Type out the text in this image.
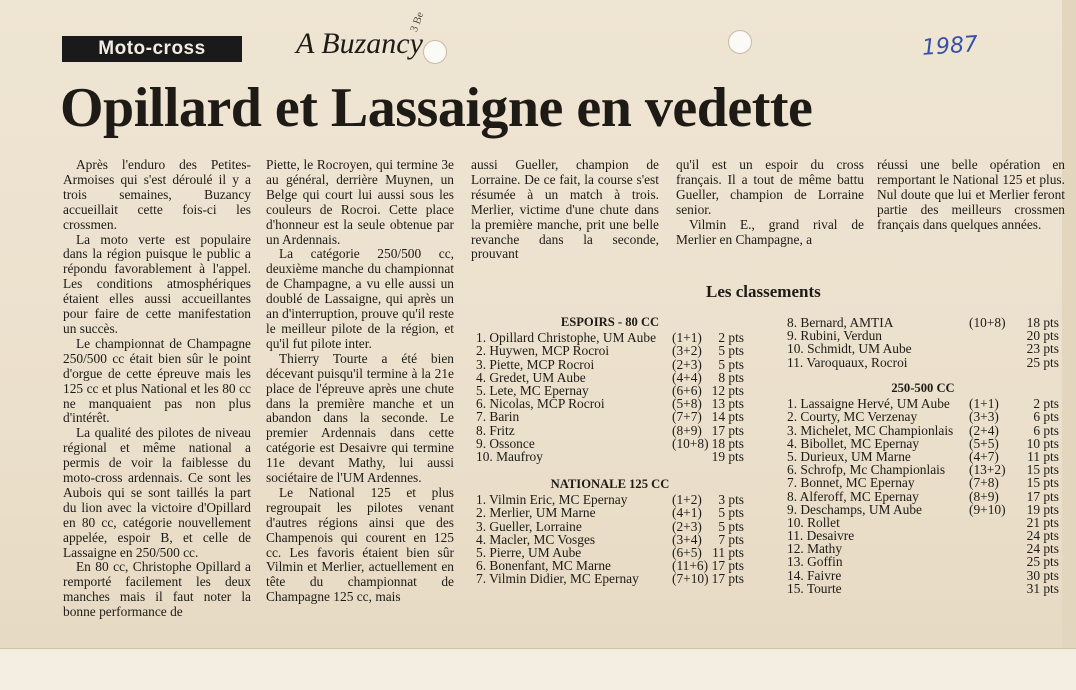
Moto-cross	A Buzancy
3 Be
1987
Opillard et Lassaigne en vedette

Après l'enduro des Petites-Armoises qui s'est déroulé il y a trois semaines, Buzancy accueillait cette fois-ci les crossmen.

La moto verte est populaire dans la région puisque le public a répondu favorablement à l'appel. Les conditions atmosphériques étaient elles aussi accueillantes pour faire de cette manifestation un succès.

Le championnat de Champagne 250/500 cc était bien sûr le point d'orgue de cette épreuve mais les 125 cc et plus National et les 80 cc ne manquaient pas non plus d'intérêt.

La qualité des pilotes de niveau régional et même national a permis de voir la faiblesse du moto-cross ardennais. Ce sont les Aubois qui se sont taillés la part du lion avec la victoire d'Opillard en 80 cc, catégorie nouvellement appelée, espoir B, et celle de Lassaigne en 250/500 cc.

En 80 cc, Christophe Opillard a remporté facilement les deux manches mais il faut noter la bonne performance de

Piette, le Rocroyen, qui termine 3e au général, derrière Muynen, un Belge qui court lui aussi sous les couleurs de Rocroi. Cette place d'honneur est la seule obtenue par un Ardennais.

La catégorie 250/500 cc, deuxième manche du championnat de Champagne, a vu elle aussi un doublé de Lassaigne, qui après un an d'interruption, prouve qu'il reste le meilleur pilote de la région, et qu'il fut pilote inter.

Thierry Tourte a été bien décevant puisqu'il termine à la 21e place de l'épreuve après une chute dans la première manche et un abandon dans la seconde. Le premier Ardennais dans cette catégorie est Desaivre qui termine 11e devant Mathy, lui aussi sociétaire de l'UM Ardennes.

Le National 125 et plus regroupait les pilotes venant d'autres régions ainsi que des Champenois qui courent en 125 cc. Les favoris étaient bien sûr Vilmin et Merlier, actuellement en tête du championnat de Champagne 125 cc, mais

aussi Gueller, champion de Lorraine. De ce fait, la course s'est résumée à un match à trois. Merlier, victime d'une chute dans la première manche, prit une belle revanche dans la seconde, prouvant

qu'il est un espoir du cross français. Il a tout de même battu Gueller, champion de Lorraine senior.

Vilmin E., grand rival de Merlier en Champagne, a

réussi une belle opération en remportant le National 125 et plus. Nul doute que lui et Merlier feront partie des meilleurs crossmen français dans quelques années.

Les classements
ESPOIRS - 80 CC
1. Opillard Christophe, UM Aube (1+1)	2 pts
2. Huywen, MCP Rocroi	(3+2)	5 pts
3. Piette, MCP Rocroi	(2+3)	5 pts
4. Gredet, UM Aube	(4+4)	8 pts
5. Lete, MC Epernay	(6+6) 12 pts
6. Nicolas, MCP Rocroi	(5+8) 13 pts
7. Barin	(7+7) 14 pts
8. Fritz	(8+9) 17 pts
9. Ossonce	(10+8) 18 pts
10. Maufroy	19 pts
NATIONALE 125 CC
1. Vilmin Eric, MC Epernay	(1+2)	3 pts
2. Merlier, UM Marne	(4+1)	5 pts
3. Gueller, Lorraine	(2+3)	5 pts
4. Macler, MC Vosges	(3+4)	7 pts
5. Pierre, UM Aube	(6+5) 11 pts
6. Bonenfant, MC Marne	(11+6) 17 pts
7. Vilmin Didier, MC Epernay (7+10) 17 pts
8. Bernard, AMTIA	(10+8)	18 pts
9. Rubini, Verdun	20 pts
10. Schmidt, UM Aube	23 pts
11. Varoquaux, Rocroi	25 pts
250-500 CC
1. Lassaigne Hervé, UM Aube (1+1)	2 pts
2. Courty, MC Verzenay	(3+3)	6 pts
3. Michelet, MC Championlais (2+4)	6 pts
4. Bibollet, MC Epernay	(5+5)	10 pts
5. Durieux, UM Marne	(4+7)	11 pts
6. Schrofp, Mc Championlais (13+2)	15 pts
7. Bonnet, MC Epernay	(7+8)	15 pts
8. Alferoff, MC Epernay	(8+9)	17 pts
9. Deschamps, UM Aube	(9+10)	19 pts
10. Rollet	21 pts
11. Desaivre	24 pts
12. Mathy	24 pts
13. Goffin	25 pts
14. Faivre	30 pts
15. Tourte	31 pts
